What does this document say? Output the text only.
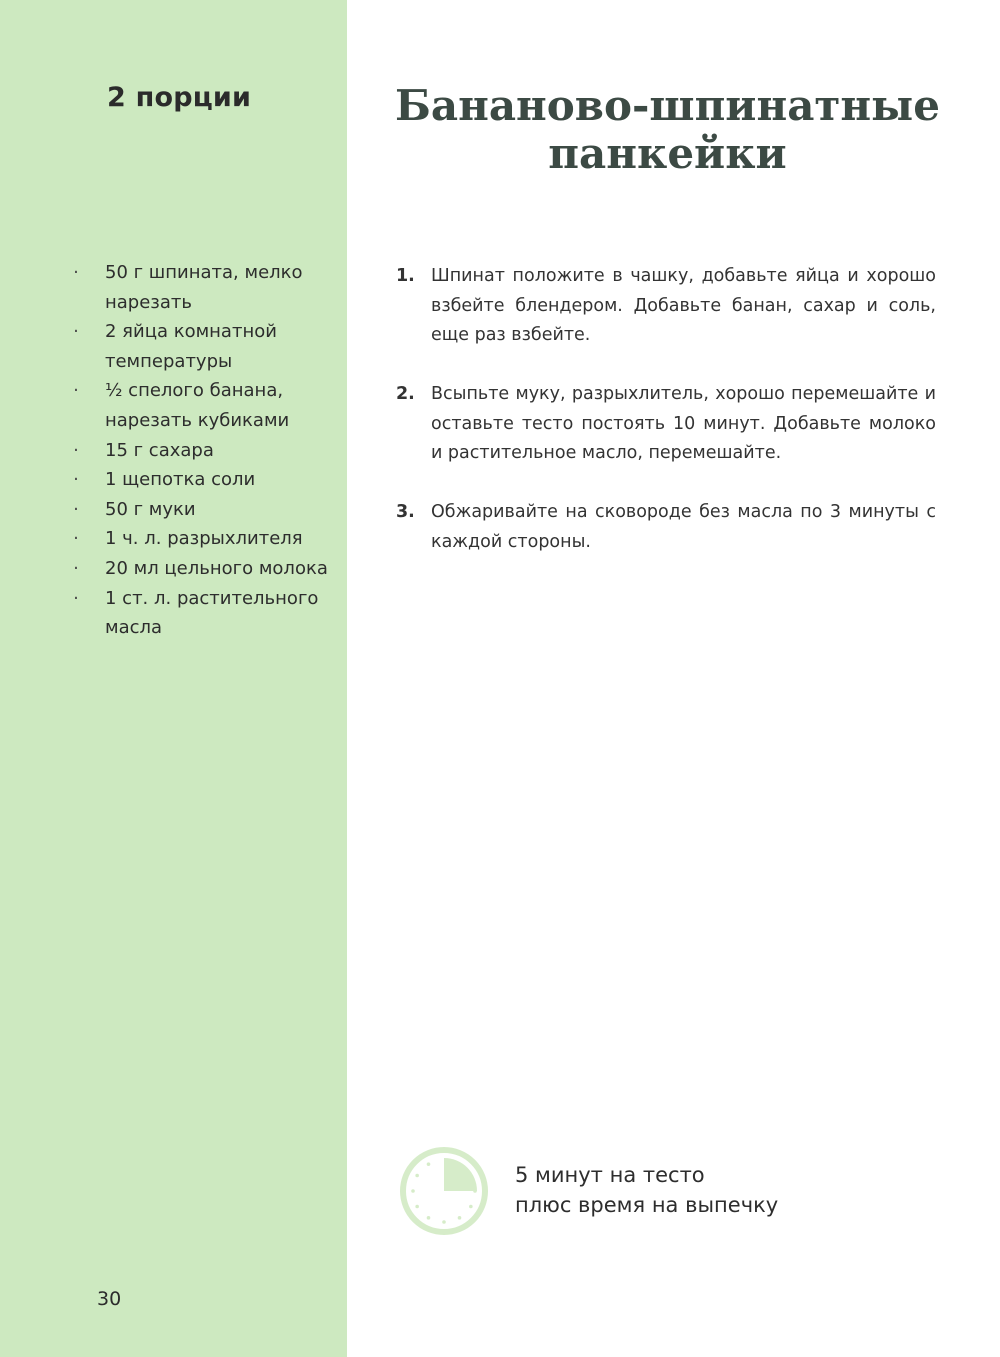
2 порции
· 50 г шпината, мелко нарезать
· 2 яйца комнатной температуры
· ½ спелого банана, нарезать кубиками
· 15 г сахара
· 1 щепотка соли
· 50 г муки
· 1 ч. л. разрыхлителя
· 20 мл цельного молока
· 1 ст. л. растительного масла

30

Бананово-шпинатные панкейки
1. Шпинат положите в чашку, добавьте яйца и хорошо взбейте блендером. Добавьте банан, сахар и соль, еще раз взбейте.
2. Всыпьте муку, разрыхлитель, хорошо перемешайте и оставьте тесто постоять 10 минут. Добавьте молоко и растительное масло, перемешайте.
3. Обжаривайте на сковороде без масла по 3 минуты с каждой стороны.

5 минут на тесто
плюс время на выпечку
